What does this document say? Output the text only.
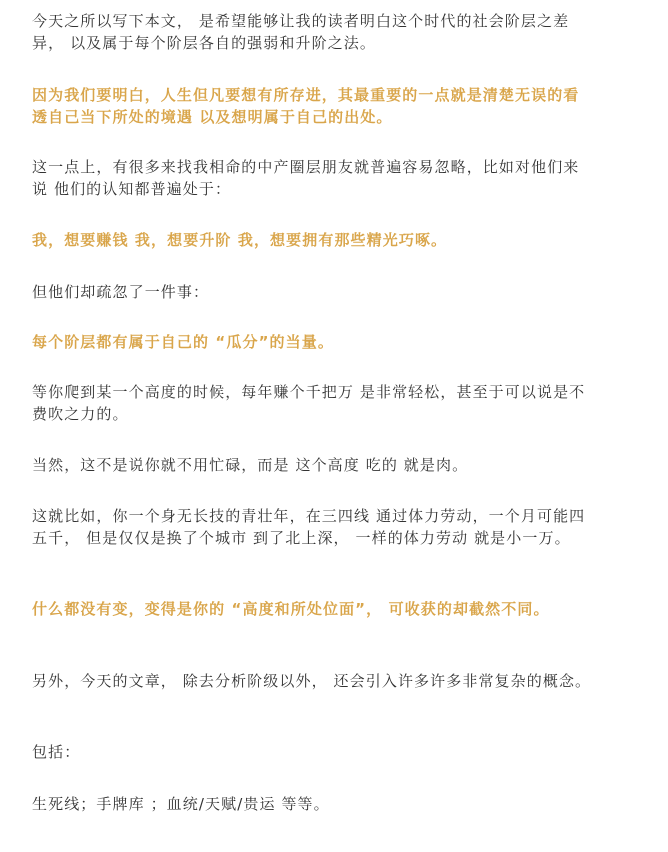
今天之所以写下本文， 是希望能够让我的读者明白这个时代的社会阶层之差异， 以及属于每个阶层各自的强弱和升阶之法。

因为我们要明白，人生但凡要想有所存进，其最重要的一点就是清楚无误的看透自己当下所处的境遇 以及想明属于自己的出处。

这一点上，有很多来找我相命的中产圈层朋友就普遍容易忽略，比如对他们来说 他们的认知都普遍处于：

我，想要赚钱 我，想要升阶 我，想要拥有那些精光巧啄。

但他们却疏忽了一件事：

每个阶层都有属于自己的 “瓜分”的当量。

等你爬到某一个高度的时候，每年赚个千把万 是非常轻松，甚至于可以说是不费吹之力的。

当然，这不是说你就不用忙碌，而是 这个高度 吃的 就是肉。

这就比如，你一个身无长技的青壮年，在三四线 通过体力劳动，一个月可能四五千， 但是仅仅是换了个城市 到了北上深， 一样的体力劳动 就是小一万。

什么都没有变，变得是你的 “高度和所处位面”， 可收获的却截然不同。

另外，今天的文章， 除去分析阶级以外， 还会引入许多许多非常复杂的概念。

包括：

生死线；手牌库 ；血统/天赋/贵运 等等。
